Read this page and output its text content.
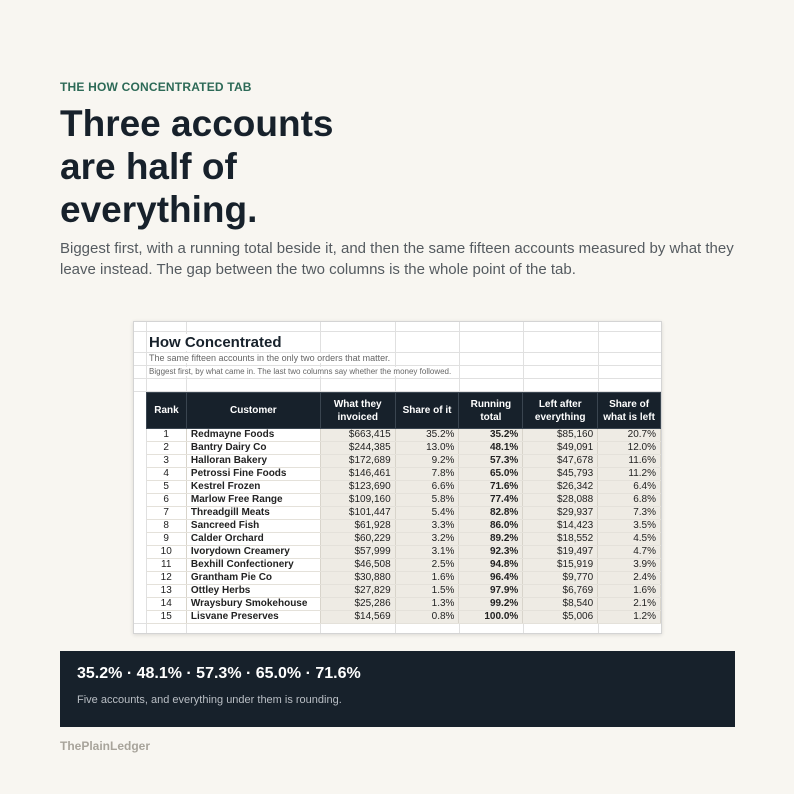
THE HOW CONCENTRATED TAB
Three accounts are half of everything.

Biggest first, with a running total beside it, and then the same fifteen accounts measured by what they leave instead. The gap between the two columns is the whole point of the tab.

How Concentrated
The same fifteen accounts in the only two orders that matter.
Biggest first, by what came in. The last two columns say whether the money followed.
Rank	Customer	What they invoiced	Share of it	Running total	Left after everything	Share of what is left
1	Redmayne Foods	$663,415	35.2%	35.2%	$85,160	20.7%
2	Bantry Dairy Co	$244,385	13.0%	48.1%	$49,091	12.0%
3	Halloran Bakery	$172,689	9.2%	57.3%	$47,678	11.6%
4	Petrossi Fine Foods	$146,461	7.8%	65.0%	$45,793	11.2%
5	Kestrel Frozen	$123,690	6.6%	71.6%	$26,342	6.4%
6	Marlow Free Range	$109,160	5.8%	77.4%	$28,088	6.8%
7	Threadgill Meats	$101,447	5.4%	82.8%	$29,937	7.3%
8	Sancreed Fish	$61,928	3.3%	86.0%	$14,423	3.5%
9	Calder Orchard	$60,229	3.2%	89.2%	$18,552	4.5%
10	Ivorydown Creamery	$57,999	3.1%	92.3%	$19,497	4.7%
11	Bexhill Confectionery	$46,508	2.5%	94.8%	$15,919	3.9%
12	Grantham Pie Co	$30,880	1.6%	96.4%	$9,770	2.4%
13	Ottley Herbs	$27,829	1.5%	97.9%	$6,769	1.6%
14	Wraysbury Smokehouse	$25,286	1.3%	99.2%	$8,540	2.1%
15	Lisvane Preserves	$14,569	0.8%	100.0%	$5,006	1.2%
35.2% · 48.1% · 57.3% · 65.0% · 71.6%
Five accounts, and everything under them is rounding.
ThePlainLedger
